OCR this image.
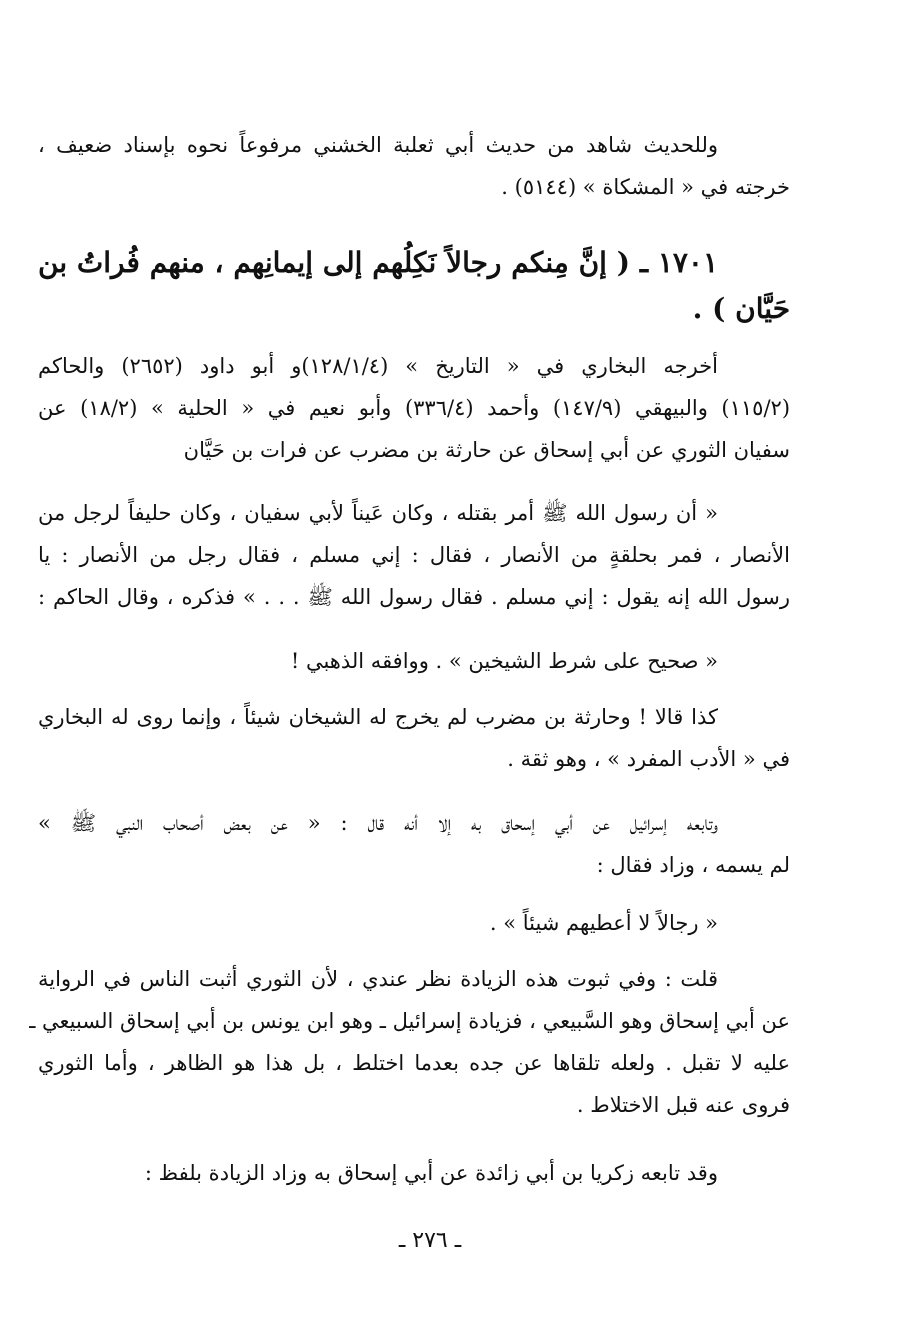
وللحديث شاهد من حديث أبي ثعلبة الخشني مرفوعاً نحوه بإسناد ضعيف ،
خرجته في « المشكاة » (٥١٤٤) .
١٧٠١ ـ ( إنَّ مِنكم رجالاً نَكِلُهم إلى إيمانِهم ، منهم فُراتُ بن
حَيَّان ) .
أخرجه البخاري في « التاريخ » (١٢٨/١/٤)و أبو داود (٢٦٥٢) والحاكم
(١١٥/٢) والبيهقي (١٤٧/٩) وأحمد (٣٣٦/٤) وأبو نعيم في « الحلية » (١٨/٢) عن
سفيان الثوري عن أبي إسحاق عن حارثة بن مضرب عن فرات بن حَيَّان
« أن رسول الله ﷺ أمر بقتله ، وكان عَيناً لأبي سفيان ، وكان حليفاً لرجل من
الأنصار ، فمر بحلقةٍ من الأنصار ، فقال : إني مسلم ، فقال رجل من الأنصار : يا
رسول الله إنه يقول : إني مسلم . فقال رسول الله ﷺ . . . » فذكره ، وقال الحاكم :
« صحيح على شرط الشيخين » . ووافقه الذهبي !
كذا قالا ! وحارثة بن مضرب لم يخرج له الشيخان شيئاً ، وإنما روى له البخاري
في « الأدب المفرد » ، وهو ثقة .
وتابعه إسرائيل عن أبي إسحاق به إلا أنه قال : « عن بعض أصحاب النبي ﷺ »
لم يسمه ، وزاد فقال :
« رجالاً لا أعطيهم شيئاً » .
قلت : وفي ثبوت هذه الزيادة نظر عندي ، لأن الثوري أثبت الناس في الرواية
عن أبي إسحاق وهو السَّبيعي ، فزيادة إسرائيل ـ وهو ابن يونس بن أبي إسحاق السبيعي ـ
عليه لا تقبل . ولعله تلقاها عن جده بعدما اختلط ، بل هذا هو الظاهر ، وأما الثوري
فروى عنه قبل الاختلاط .
وقد تابعه زكريا بن أبي زائدة عن أبي إسحاق به وزاد الزيادة بلفظ :
ـ ٢٧٦ ـ
